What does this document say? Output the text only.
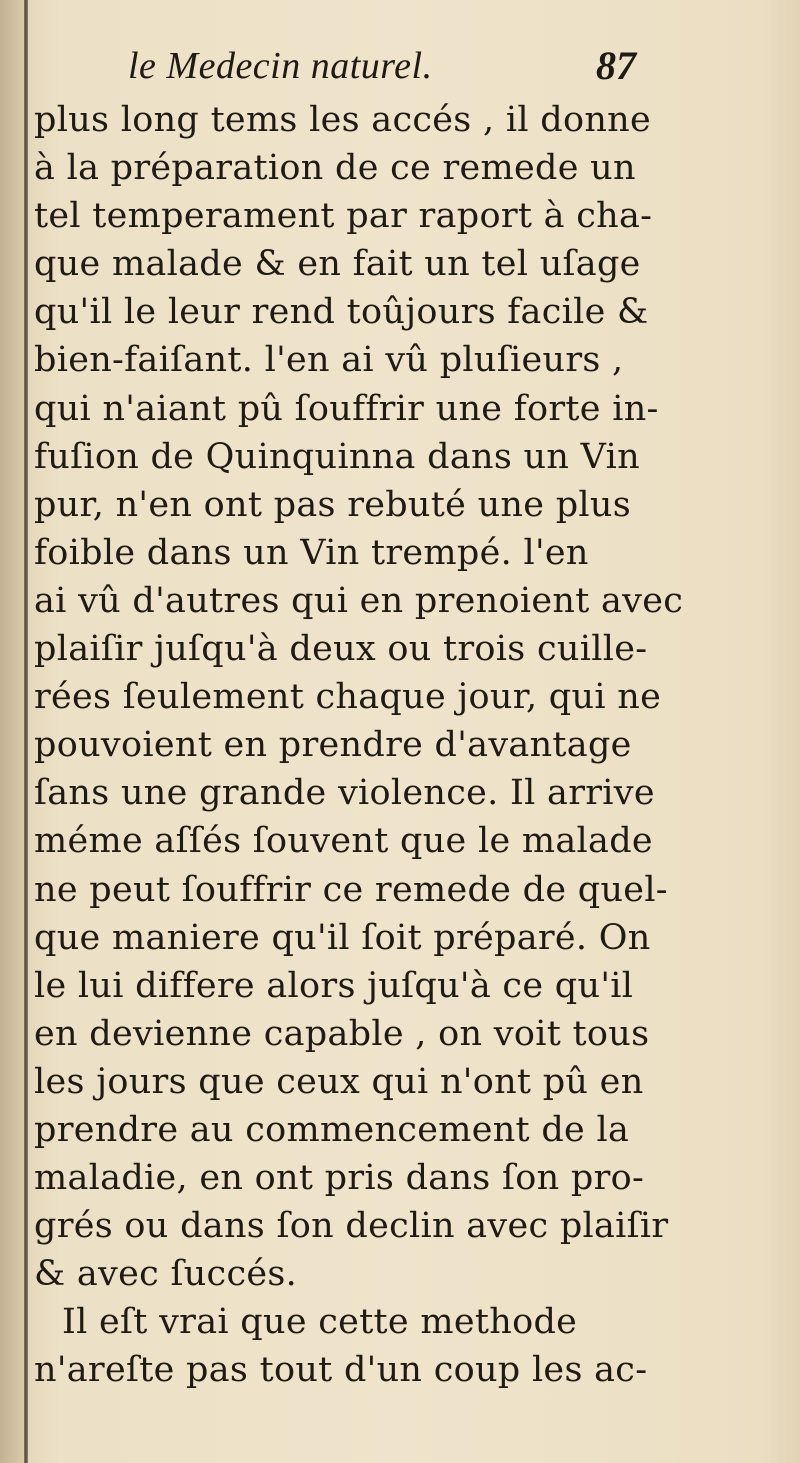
le Medecin naturel.	87
plus long tems les accés , il donne
à la préparation de ce remede un
tel temperament par raport à cha-
que malade & en fait un tel uſage
qu'il le leur rend toûjours facile &
bien-faiſant. l'en ai vû pluſieurs ,
qui n'aiant pû ſouffrir une forte in-
fuſion de Quinquinna dans un Vin
pur, n'en ont pas rebuté une plus
foible dans un Vin trempé. l'en
ai vû d'autres qui en prenoient avec
plaiſir juſqu'à deux ou trois cuille-
rées ſeulement chaque jour, qui ne
pouvoient en prendre d'avantage
ſans une grande violence. Il arrive
méme aſſés ſouvent que le malade
ne peut ſouffrir ce remede de quel-
que maniere qu'il ſoit préparé. On
le lui differe alors juſqu'à ce qu'il
en devienne capable , on voit tous
les jours que ceux qui n'ont pû en
prendre au commencement de la
maladie, en ont pris dans ſon pro-
grés ou dans ſon declin avec plaiſir
& avec ſuccés.
Il eſt vrai que cette methode
n'areſte pas tout d'un coup les ac-
